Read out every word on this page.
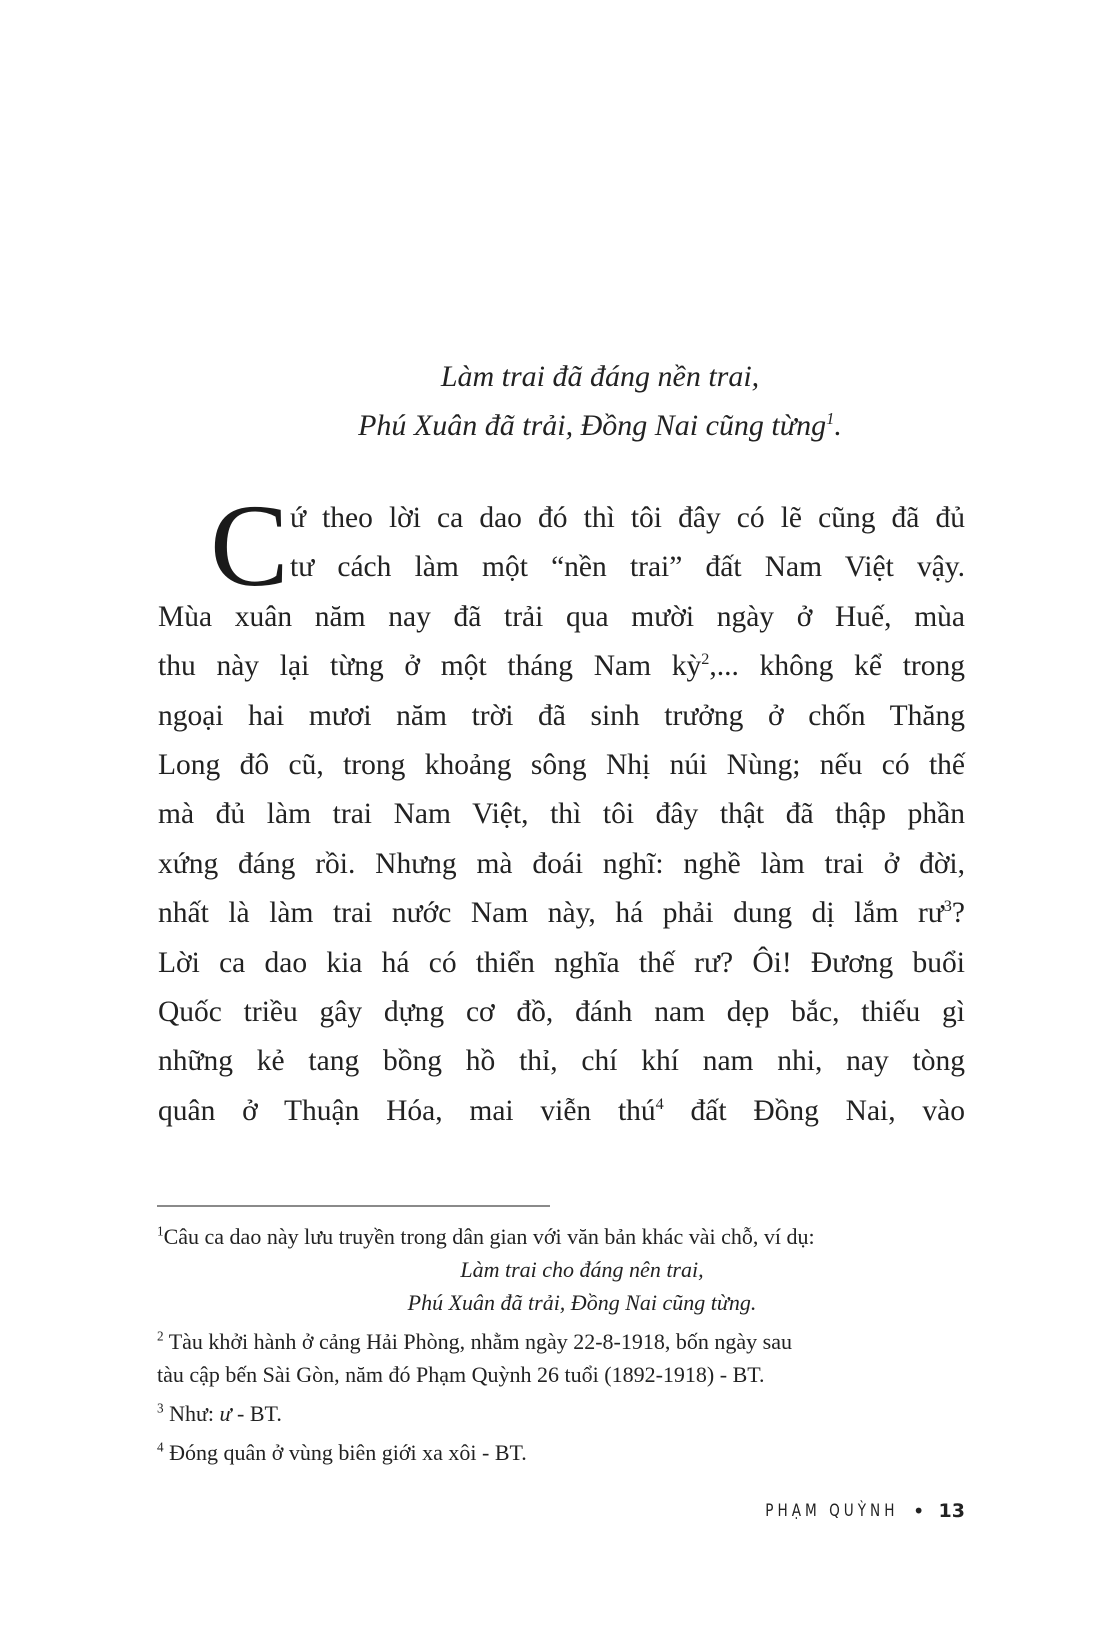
Làm trai đã đáng nền trai,
Phú Xuân đã trải, Đồng Nai cũng từng$^1$.
C ứ theo lời ca dao đó thì tôi đây có lẽ cũng đã đủ
tư cách làm một “nền trai” đất Nam Việt vậy.
Mùa xuân năm nay đã trải qua mười ngày ở Huế, mùa
thu này lại từng ở một tháng Nam kỳ$^2$,... không kể trong
ngoại hai mươi năm trời đã sinh trưởng ở chốn Thăng
Long đô cũ, trong khoảng sông Nhị núi Nùng; nếu có thế
mà đủ làm trai Nam Việt, thì tôi đây thật đã thập phần
xứng đáng rồi. Nhưng mà đoái nghĩ: nghề làm trai ở đời,
nhất là làm trai nước Nam này, há phải dung dị lắm $rư^3$?
Lời ca dao kia há có thiển nghĩa thế rư? Ôi! Đương buổi
Quốc triều gây dựng cơ đồ, đánh nam dẹp bắc, thiếu gì
những kẻ tang bồng hồ thỉ, chí khí nam nhi, nay tòng
quân ở Thuận Hóa, mai viễn thú$^4$ đất Đồng Nai, vào
$^1$Câu ca dao này lưu truyền trong dân gian với văn bản khác vài chỗ, ví dụ:
Làm trai cho đáng nên trai,
Phú Xuân đã trải, Đồng Nai cũng từng.
$^2$ Tàu khởi hành ở cảng Hải Phòng, nhằm ngày 22-8-1918, bốn ngày sau
tàu cập bến Sài Gòn, năm đó Phạm Quỳnh 26 tuổi (1892-1918) - BT.
$^3$ Như: ư - BT.
$^4$ Đóng quân ở vùng biên giới xa xôi - BT.
PHẠM QUỲNH • 13
